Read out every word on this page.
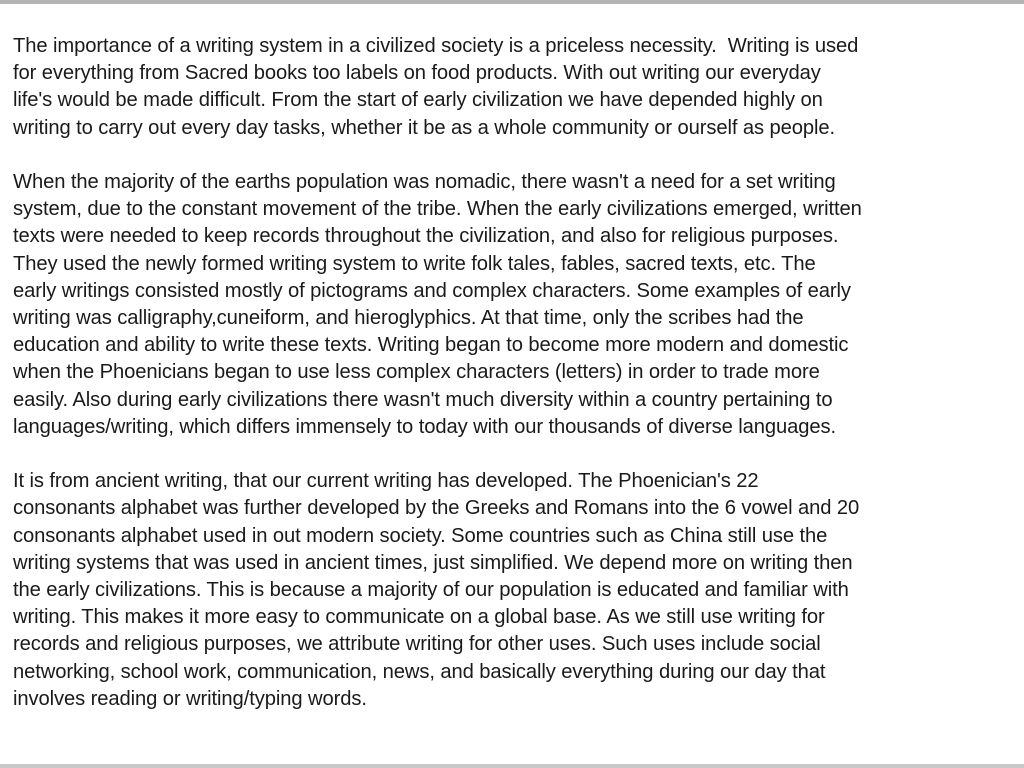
The importance of a writing system in a civilized society is a priceless necessity.  Writing is used
for everything from Sacred books too labels on food products. With out writing our everyday
life's would be made difficult. From the start of early civilization we have depended highly on
writing to carry out every day tasks, whether it be as a whole community or ourself as people.

When the majority of the earths population was nomadic, there wasn't a need for a set writing
system, due to the constant movement of the tribe. When the early civilizations emerged, written
texts were needed to keep records throughout the civilization, and also for religious purposes.
They used the newly formed writing system to write folk tales, fables, sacred texts, etc. The
early writings consisted mostly of pictograms and complex characters. Some examples of early
writing was calligraphy,cuneiform, and hieroglyphics. At that time, only the scribes had the
education and ability to write these texts. Writing began to become more modern and domestic
when the Phoenicians began to use less complex characters (letters) in order to trade more
easily. Also during early civilizations there wasn't much diversity within a country pertaining to
languages/writing, which differs immensely to today with our thousands of diverse languages.

It is from ancient writing, that our current writing has developed. The Phoenician's 22
consonants alphabet was further developed by the Greeks and Romans into the 6 vowel and 20
consonants alphabet used in out modern society. Some countries such as China still use the
writing systems that was used in ancient times, just simplified. We depend more on writing then
the early civilizations. This is because a majority of our population is educated and familiar with
writing. This makes it more easy to communicate on a global base. As we still use writing for
records and religious purposes, we attribute writing for other uses. Such uses include social
networking, school work, communication, news, and basically everything during our day that
involves reading or writing/typing words.
